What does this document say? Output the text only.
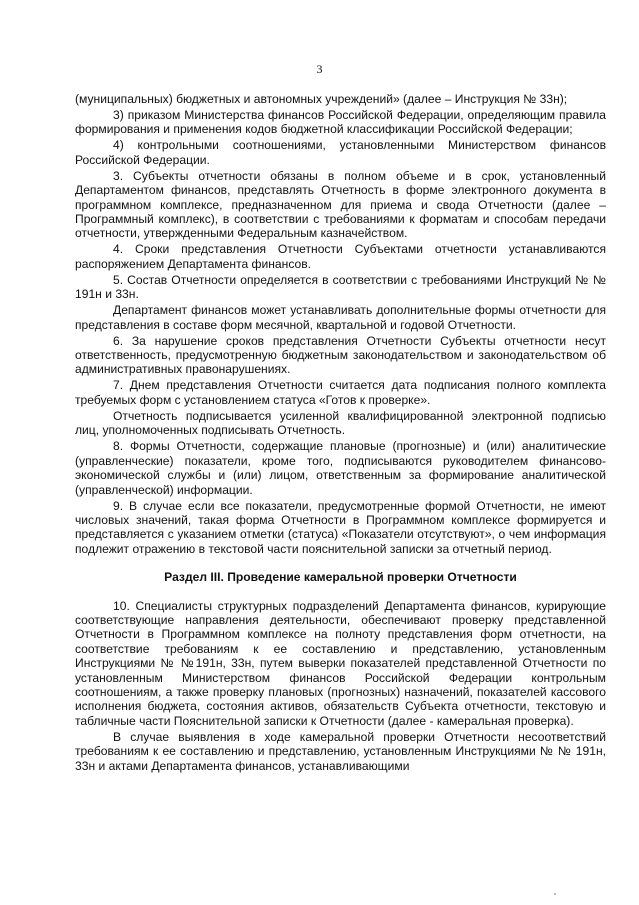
3

(муниципальных) бюджетных и автономных учреждений» (далее – Инструкция № 33н);

3) приказом Министерства финансов Российской Федерации, определяющим правила формирования и применения кодов бюджетной классификации Российской Федерации;

4) контрольными соотношениями, установленными Министерством финансов Российской Федерации.

3. Субъекты отчетности обязаны в полном объеме и в срок, установленный Департаментом финансов, представлять Отчетность в форме электронного документа в программном комплексе, предназначенном для приема и свода Отчетности (далее – Программный комплекс), в соответствии с требованиями к форматам и способам передачи отчетности, утвержденными Федеральным казначейством.

4. Сроки представления Отчетности Субъектами отчетности устанавливаются распоряжением Департамента финансов.

5. Состав Отчетности определяется в соответствии с требованиями Инструкций № № 191н и 33н.

Департамент финансов может устанавливать дополнительные формы отчетности для представления в составе форм месячной, квартальной и годовой Отчетности.

6. За нарушение сроков представления Отчетности Субъекты отчетности несут ответственность, предусмотренную бюджетным законодательством и законодательством об административных правонарушениях.

7. Днем представления Отчетности считается дата подписания полного комплекта требуемых форм с установлением статуса «Готов к проверке».

Отчетность подписывается усиленной квалифицированной электронной подписью лиц, уполномоченных подписывать Отчетность.

8. Формы Отчетности, содержащие плановые (прогнозные) и (или) аналитические (управленческие) показатели, кроме того, подписываются руководителем финансово-экономической службы и (или) лицом, ответственным за формирование аналитической (управленческой) информации.

9. В случае если все показатели, предусмотренные формой Отчетности, не имеют числовых значений, такая форма Отчетности в Программном комплексе формируется и представляется с указанием отметки (статуса) «Показатели отсутствуют», о чем информация подлежит отражению в текстовой части пояснительной записки за отчетный период.

Раздел III. Проведение камеральной проверки Отчетности

10. Специалисты структурных подразделений Департамента финансов, курирующие соответствующие направления деятельности, обеспечивают проверку представленной Отчетности в Программном комплексе на полноту представления форм отчетности, на соответствие требованиям к ее составлению и представлению, установленным Инструкциями № №191н, 33н, путем выверки показателей представленной Отчетности по установленным Министерством финансов Российской Федерации контрольным соотношениям, а также проверку плановых (прогнозных) назначений, показателей кассового исполнения бюджета, состояния активов, обязательств Субъекта отчетности, текстовую и табличные части Пояснительной записки к Отчетности (далее - камеральная проверка).

В случае выявления в ходе камеральной проверки Отчетности несоответствий требованиям к ее составлению и представлению, установленным Инструкциями № № 191н, 33н и актами Департамента финансов, устанавливающими
